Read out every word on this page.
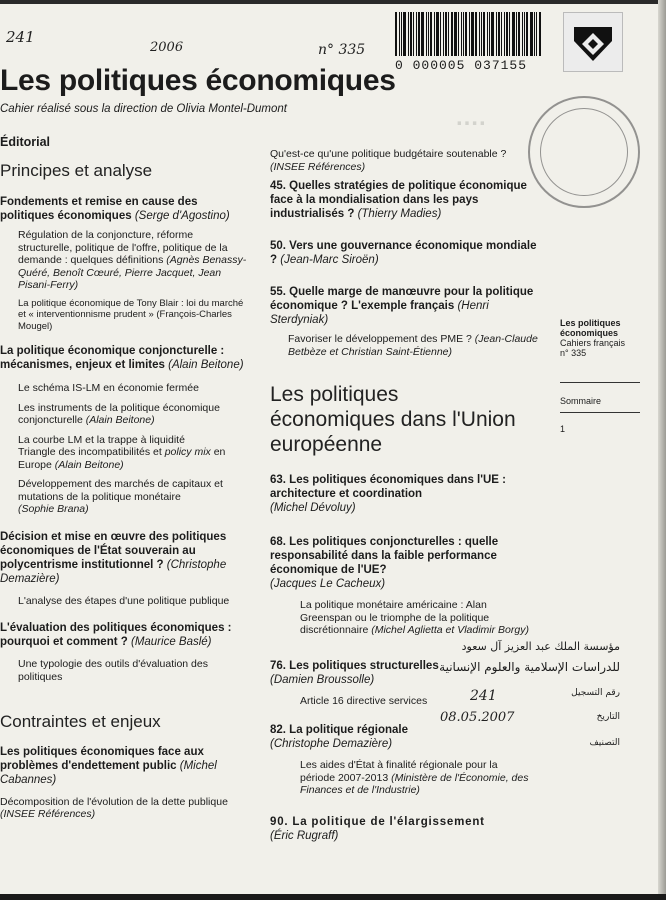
241
2006	n° 335
0 000005 037155
….
Les politiques économiques
Cahier réalisé sous la direction de Olivia Montel-Dumont
Éditorial
Principes et analyse
Fondements et remise en cause des politiques économiques (Serge d'Agostino)
Régulation de la conjoncture, réforme structurelle, politique de l'offre, politique de la demande : quelques définitions (Agnès Benassy-Quéré, Benoît Cœuré, Pierre Jacquet, Jean Pisani-Ferry)
La politique économique de Tony Blair : loi du marché et « interventionnisme prudent » (François-Charles Mougel)
La politique économique conjoncturelle : mécanismes, enjeux et limites (Alain Beitone)
Le schéma IS-LM en économie fermée
Les instruments de la politique économique conjoncturelle (Alain Beitone)
La courbe LM et la trappe à liquidité
Triangle des incompatibilités et policy mix en Europe (Alain Beitone)
Développement des marchés de capitaux et mutations de la politique monétaire
(Sophie Brana)
Décision et mise en œuvre des politiques économiques de l'État souverain au polycentrisme institutionnel ? (Christophe Demazière)
L'analyse des étapes d'une politique publique
L'évaluation des politiques économiques : pourquoi et comment ? (Maurice Baslé)
Une typologie des outils d'évaluation des politiques
Contraintes et enjeux
Les politiques économiques face aux problèmes d'endettement public (Michel Cabannes)
Décomposition de l'évolution de la dette publique (INSEE Références)
Qu'est-ce qu'une politique budgétaire soutenable ?
(INSEE Références)
45. Quelles stratégies de politique économique face à la mondialisation dans les pays industrialisés ? (Thierry Madies)
50. Vers une gouvernance économique mondiale ? (Jean-Marc Siroën)
55. Quelle marge de manœuvre pour la politique économique ? L'exemple français (Henri Sterdyniak)
Favoriser le développement des PME ? (Jean-Claude Betbèze et Christian Saint-Étienne)
Les politiques économiques dans l'Union européenne
63. Les politiques économiques dans l'UE : architecture et coordination
(Michel Dévoluy)
68. Les politiques conjoncturelles : quelle responsabilité dans la faible performance économique de l'UE?
(Jacques Le Cacheux)
La politique monétaire américaine : Alan Greenspan ou le triomphe de la politique discrétionnaire (Michel Aglietta et Vladimir Borgy)
76. Les politiques structurelles
(Damien Broussolle)
Article 16 directive services
82. La politique régionale
(Christophe Demazière)
Les aides d'État à finalité régionale pour la période 2007-2013 (Ministère de l'Économie, des Finances et de l'Industrie)
90. La politique de l'élargissement
(Éric Rugraff)
مؤسسة الملك عبد العزيز آل سعود
للدراسات الإسلامية والعلوم الإنسانية
رقم التسجيل
241
التاريخ
08.05.2007
التصنيف
Les politiques économiques
Cahiers français
n° 335
Sommaire
1
